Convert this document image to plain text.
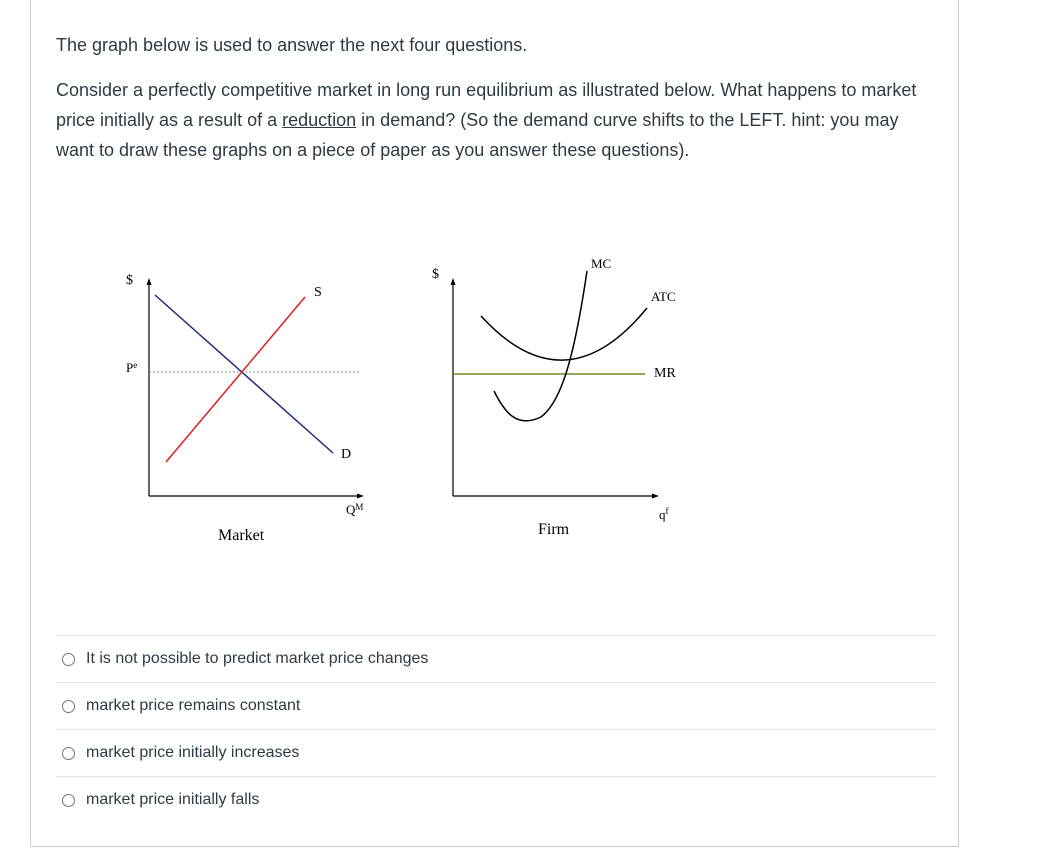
The graph below is used to answer the next four questions.
Consider a perfectly competitive market in long run equilibrium as illustrated below. What happens to market price initially as a result of a reduction in demand? (So the demand curve shifts to the LEFT. hint: you may want to draw these graphs on a piece of paper as you answer these questions).
$
$P^e$
S
D
$Q^M$
Market
$
MC
ATC
MR
$q^f$
Firm
It is not possible to predict market price changes
market price remains constant
market price initially increases
market price initially falls
